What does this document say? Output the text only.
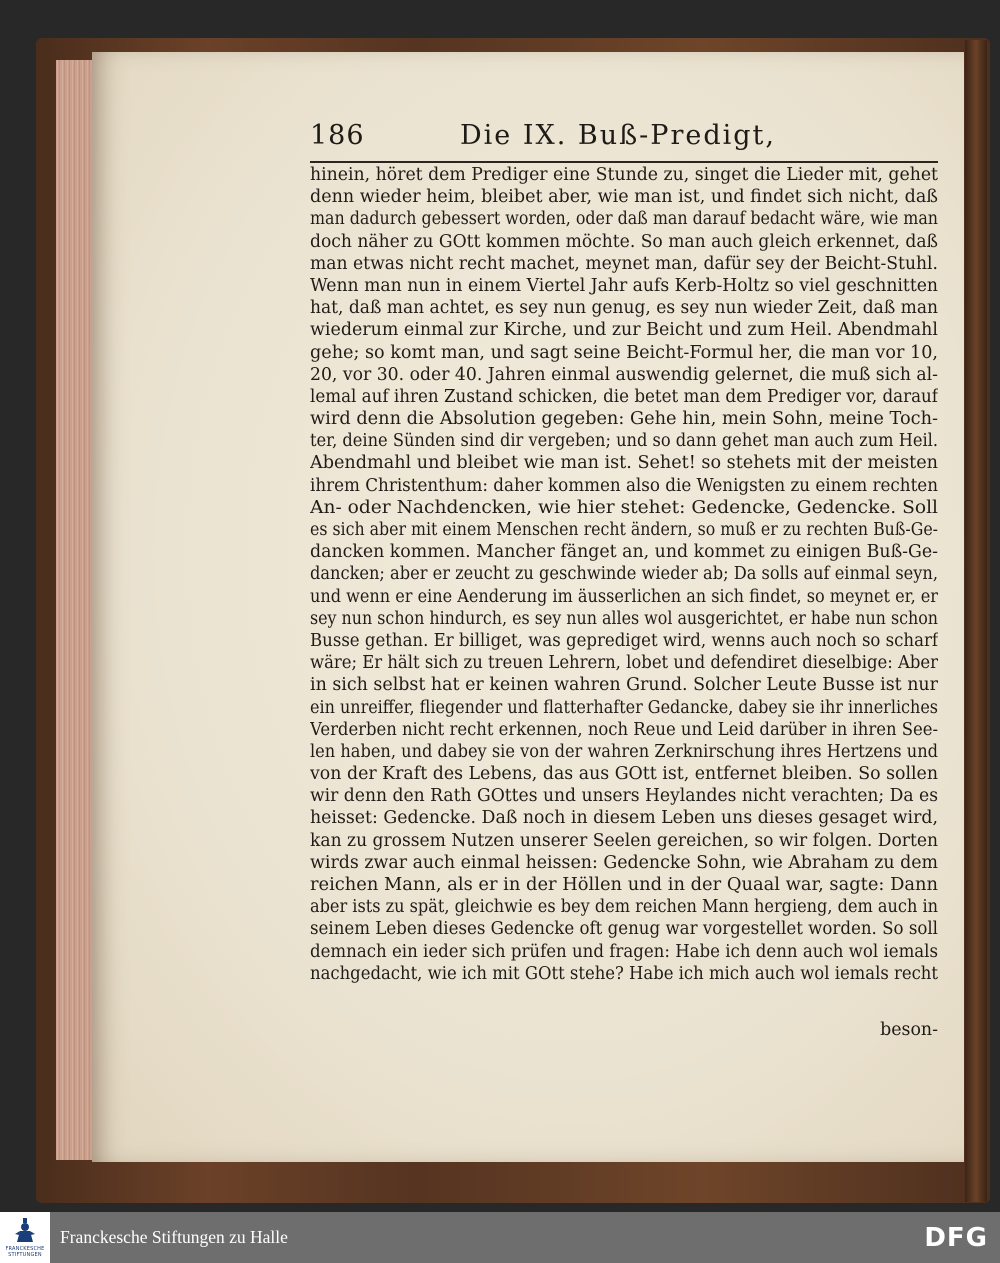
186	Die IX. Buß-Predigt,
hinein, höret dem Prediger eine Stunde zu, singet die Lieder mit, gehet
denn wieder heim, bleibet aber, wie man ist, und findet sich nicht, daß
man dadurch gebessert worden, oder daß man darauf bedacht wäre, wie man
doch näher zu GOtt kommen möchte. So man auch gleich erkennet, daß
man etwas nicht recht machet, meynet man, dafür sey der Beicht-Stuhl.
Wenn man nun in einem Viertel Jahr aufs Kerb-Holtz so viel geschnitten
hat, daß man achtet, es sey nun genug, es sey nun wieder Zeit, daß man
wiederum einmal zur Kirche, und zur Beicht und zum Heil. Abendmahl
gehe; so komt man, und sagt seine Beicht-Formul her, die man vor 10,
20, vor 30. oder 40. Jahren einmal auswendig gelernet, die muß sich al-
lemal auf ihren Zustand schicken, die betet man dem Prediger vor, darauf
wird denn die Absolution gegeben: Gehe hin, mein Sohn, meine Toch-
ter, deine Sünden sind dir vergeben; und so dann gehet man auch zum Heil.
Abendmahl und bleibet wie man ist. Sehet! so stehets mit der meisten
ihrem Christenthum: daher kommen also die Wenigsten zu einem rechten
An- oder Nachdencken, wie hier stehet: Gedencke, Gedencke. Soll
es sich aber mit einem Menschen recht ändern, so muß er zu rechten Buß-Ge-
dancken kommen. Mancher fänget an, und kommet zu einigen Buß-Ge-
dancken; aber er zeucht zu geschwinde wieder ab; Da solls auf einmal seyn,
und wenn er eine Aenderung im äusserlichen an sich findet, so meynet er, er
sey nun schon hindurch, es sey nun alles wol ausgerichtet, er habe nun schon
Busse gethan. Er billiget, was geprediget wird, wenns auch noch so scharf
wäre; Er hält sich zu treuen Lehrern, lobet und defendiret dieselbige: Aber
in sich selbst hat er keinen wahren Grund. Solcher Leute Busse ist nur
ein unreiffer, fliegender und flatterhafter Gedancke, dabey sie ihr innerliches
Verderben nicht recht erkennen, noch Reue und Leid darüber in ihren See-
len haben, und dabey sie von der wahren Zerknirschung ihres Hertzens und
von der Kraft des Lebens, das aus GOtt ist, entfernet bleiben. So sollen
wir denn den Rath GOttes und unsers Heylandes nicht verachten; Da es
heisset: Gedencke. Daß noch in diesem Leben uns dieses gesaget wird,
kan zu grossem Nutzen unserer Seelen gereichen, so wir folgen. Dorten
wirds zwar auch einmal heissen: Gedencke Sohn, wie Abraham zu dem
reichen Mann, als er in der Höllen und in der Quaal war, sagte: Dann
aber ists zu spät, gleichwie es bey dem reichen Mann hergieng, dem auch in
seinem Leben dieses Gedencke oft genug war vorgestellet worden. So soll
demnach ein ieder sich prüfen und fragen: Habe ich denn auch wol iemals
nachgedacht, wie ich mit GOtt stehe? Habe ich mich auch wol iemals recht
beson-
FRANCKESCHE
STIFTUNGEN
Franckesche Stiftungen zu Halle	DFG
